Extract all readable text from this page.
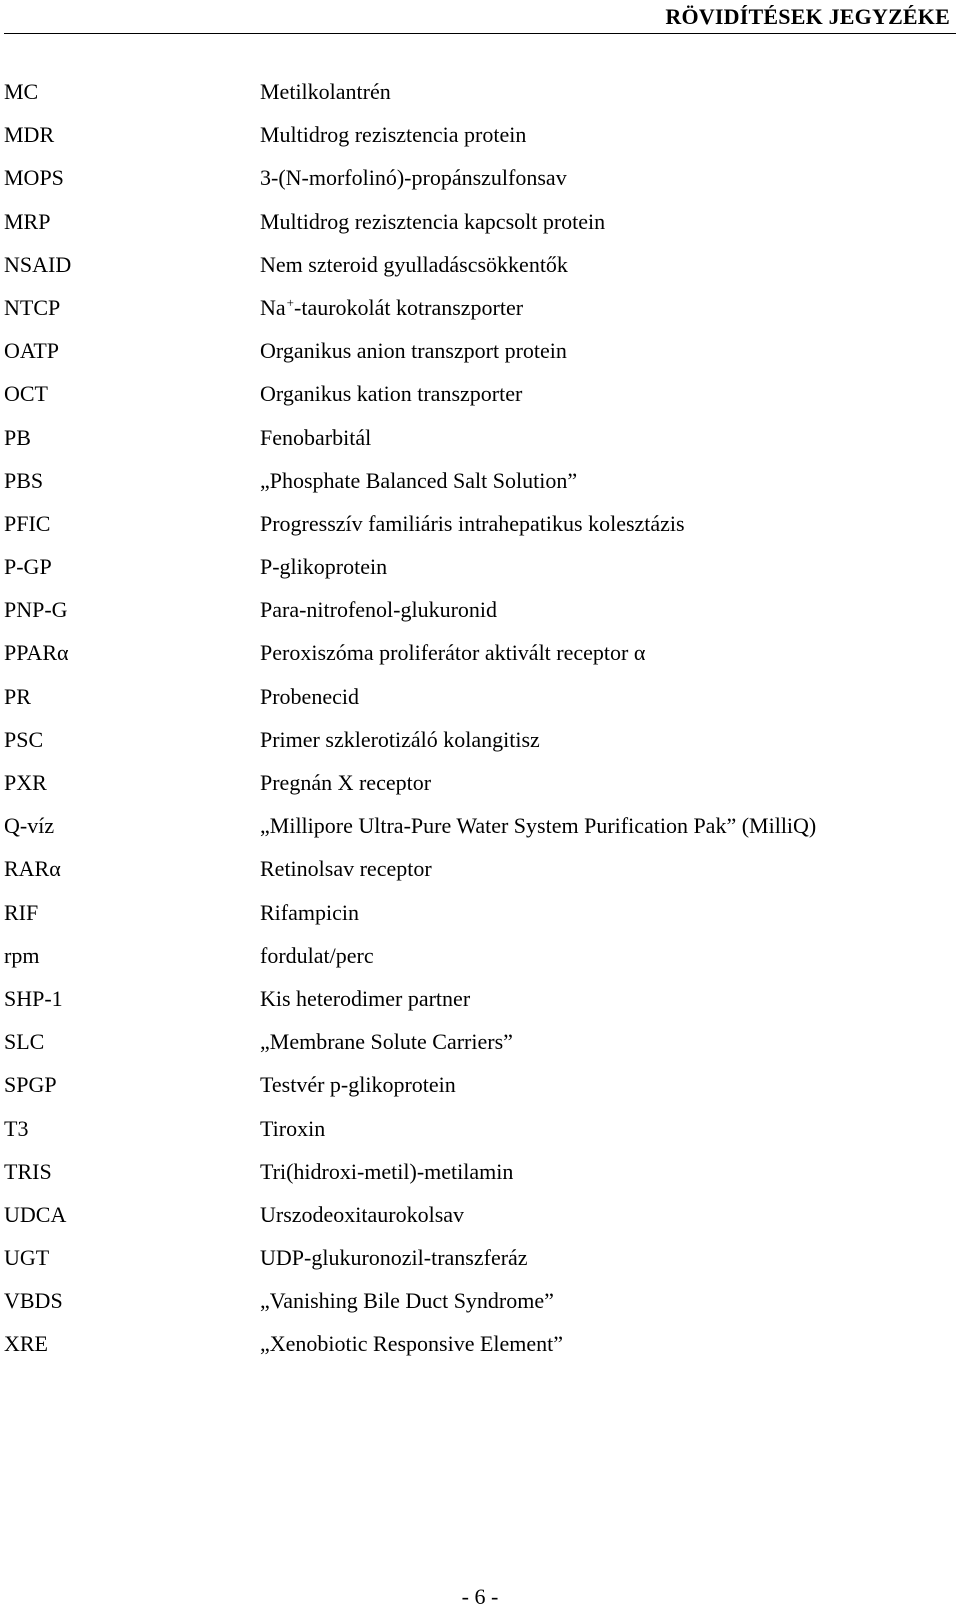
RÖVIDÍTÉSEK JEGYZÉKE
MC	Metilkolantrén
MDR	Multidrog rezisztencia protein
MOPS	3-(N-morfolinó)-propánszulfonsav
MRP	Multidrog rezisztencia kapcsolt protein
NSAID	Nem szteroid gyulladáscsökkentők
NTCP	Na+-taurokolát kotranszporter
OATP	Organikus anion transzport protein
OCT	Organikus kation transzporter
PB	Fenobarbitál
PBS	„Phosphate Balanced Salt Solution”
PFIC	Progresszív familiáris intrahepatikus kolesztázis
P-GP	P-glikoprotein
PNP-G	Para-nitrofenol-glukuronid
PPARα	Peroxiszóma proliferátor aktivált receptor α
PR	Probenecid
PSC	Primer szklerotizáló kolangitisz
PXR	Pregnán X receptor
Q-víz	„Millipore Ultra-Pure Water System Purification Pak” (MilliQ)
RARα	Retinolsav receptor
RIF	Rifampicin
rpm	fordulat/perc
SHP-1	Kis heterodimer partner
SLC	„Membrane Solute Carriers”
SPGP	Testvér p-glikoprotein
T3	Tiroxin
TRIS	Tri(hidroxi-metil)-metilamin
UDCA	Urszodeoxitaurokolsav
UGT	UDP-glukuronozil-transzferáz
VBDS	„Vanishing Bile Duct Syndrome”
XRE	„Xenobiotic Responsive Element”
- 6 -
